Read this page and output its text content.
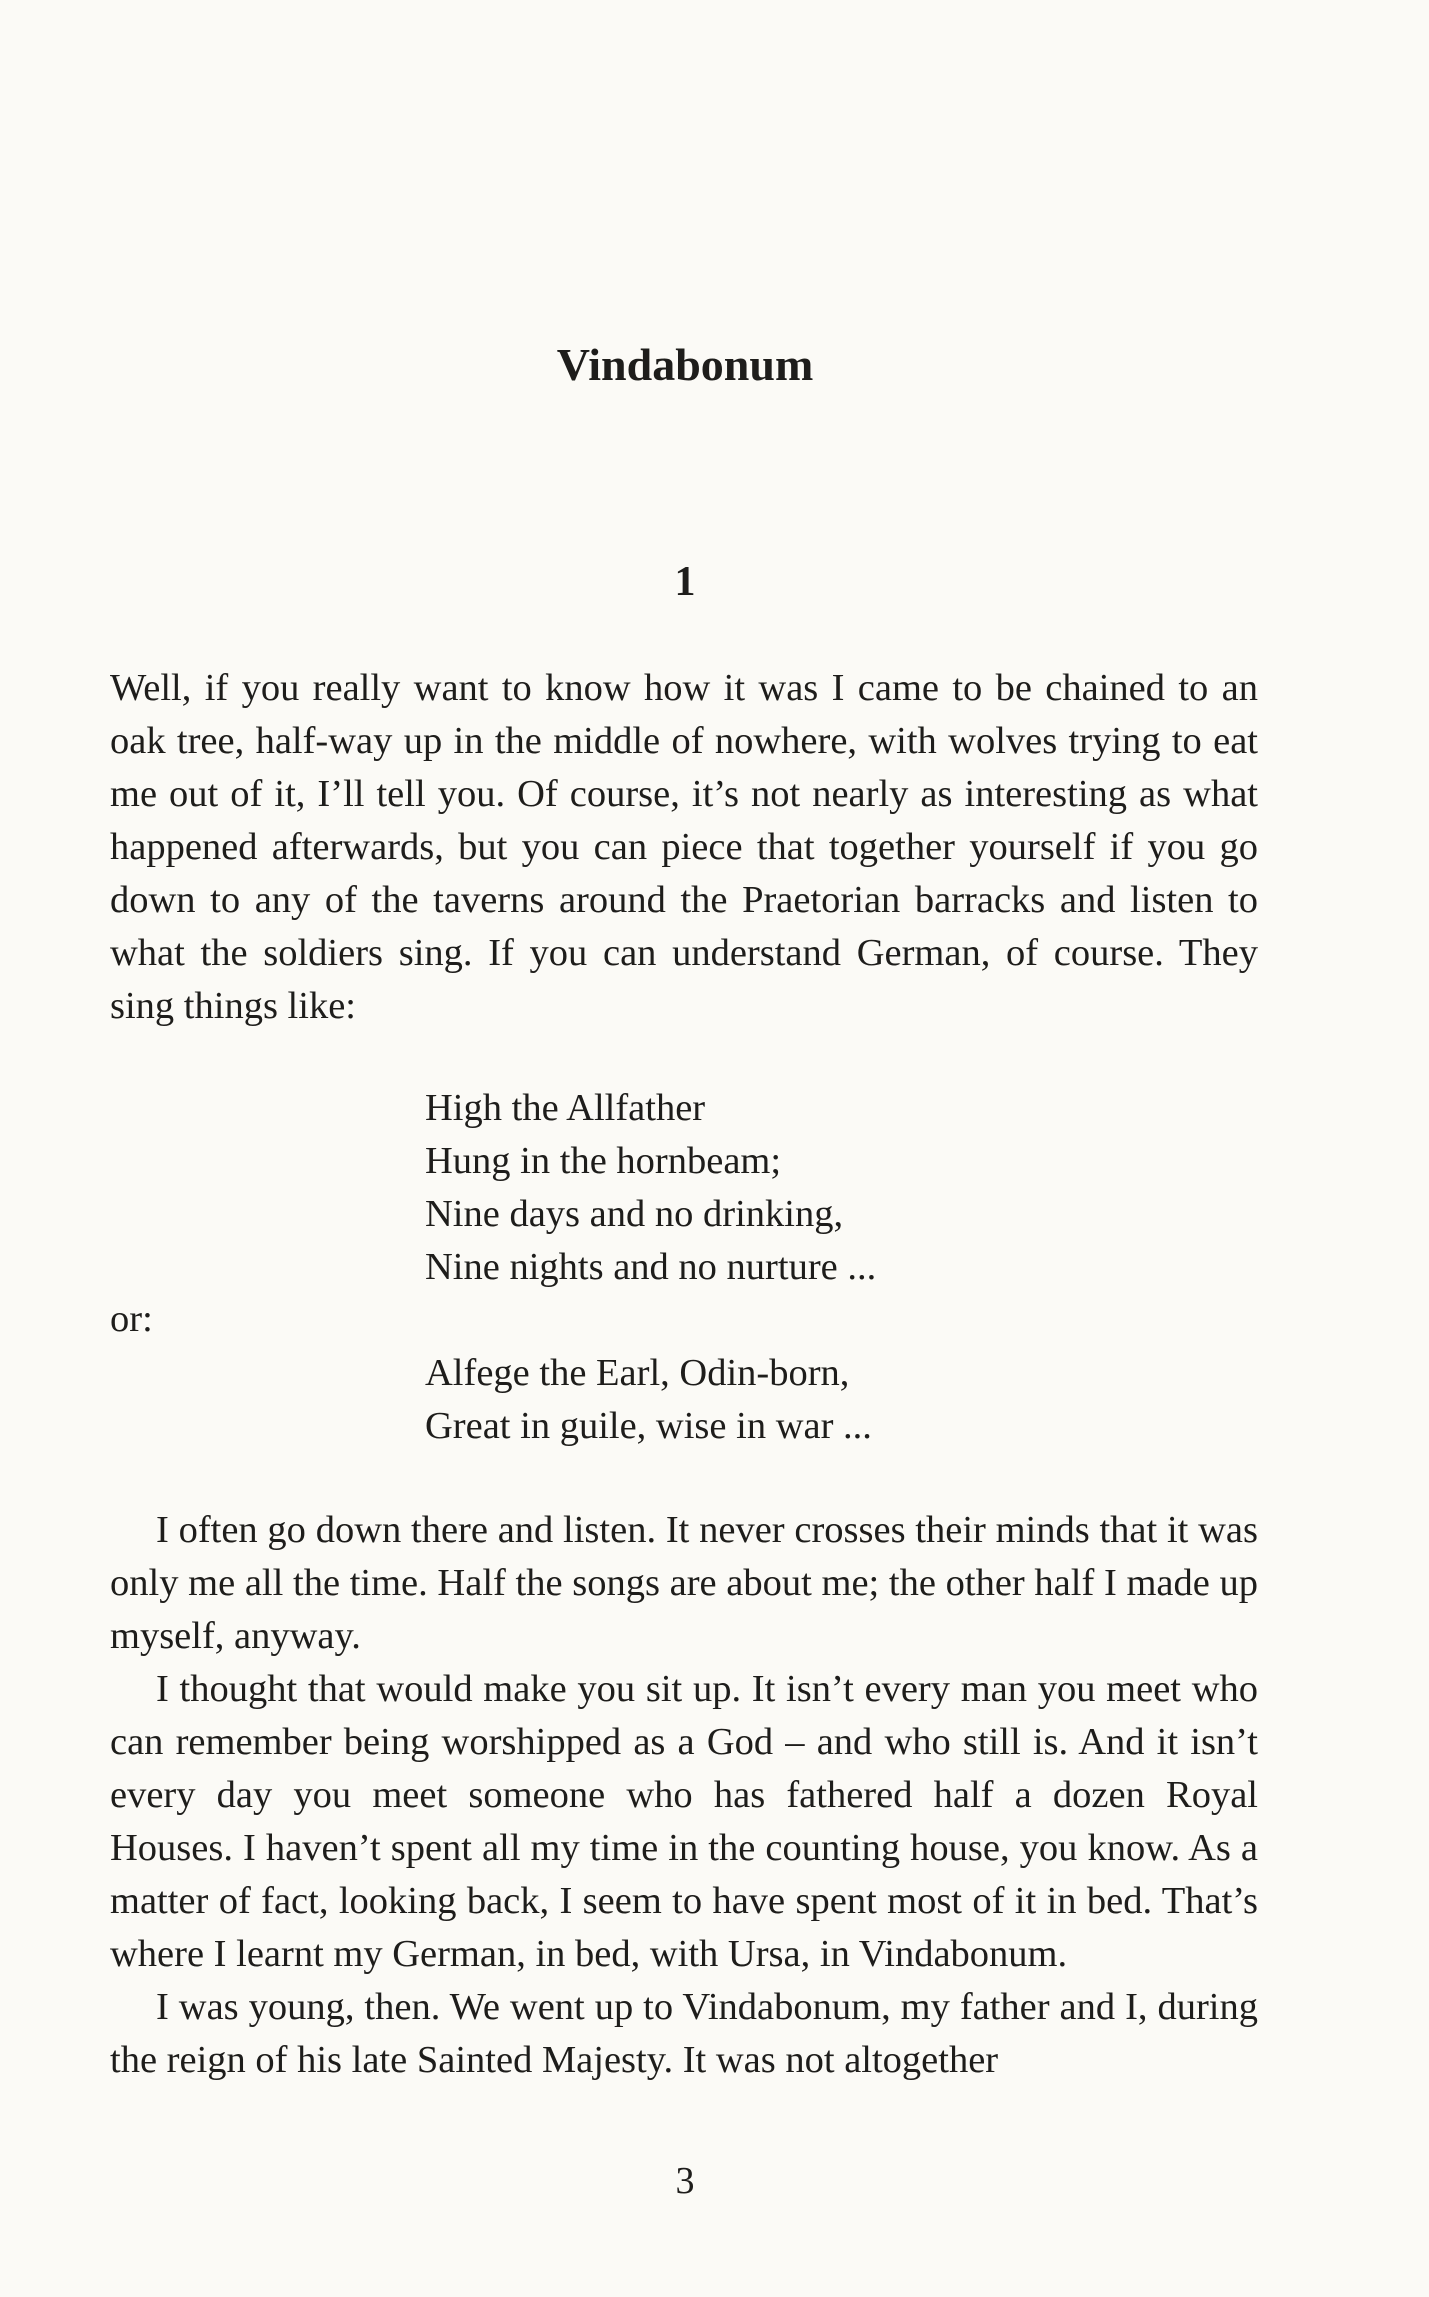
Vindabonum
1

Well, if you really want to know how it was I came to be chained to an oak tree, half-way up in the middle of nowhere, with wolves trying to eat me out of it, I’ll tell you. Of course, it’s not nearly as interesting as what happened afterwards, but you can piece that together yourself if you go down to any of the taverns around the Praetorian barracks and listen to what the soldiers sing. If you can understand German, of course. They sing things like:

High the Allfather
Hung in the hornbeam;
Nine days and no drinking,
Nine nights and no nurture ...

or:

Alfege the Earl, Odin-born,
Great in guile, wise in war ...

I often go down there and listen. It never crosses their minds that it was only me all the time. Half the songs are about me; the other half I made up myself, anyway.

I thought that would make you sit up. It isn’t every man you meet who can remember being worshipped as a God – and who still is. And it isn’t every day you meet someone who has fathered half a dozen Royal Houses. I haven’t spent all my time in the counting house, you know. As a matter of fact, looking back, I seem to have spent most of it in bed. That’s where I learnt my German, in bed, with Ursa, in Vindabonum.

I was young, then. We went up to Vindabonum, my father and I, during the reign of his late Sainted Majesty. It was not altogether

3
